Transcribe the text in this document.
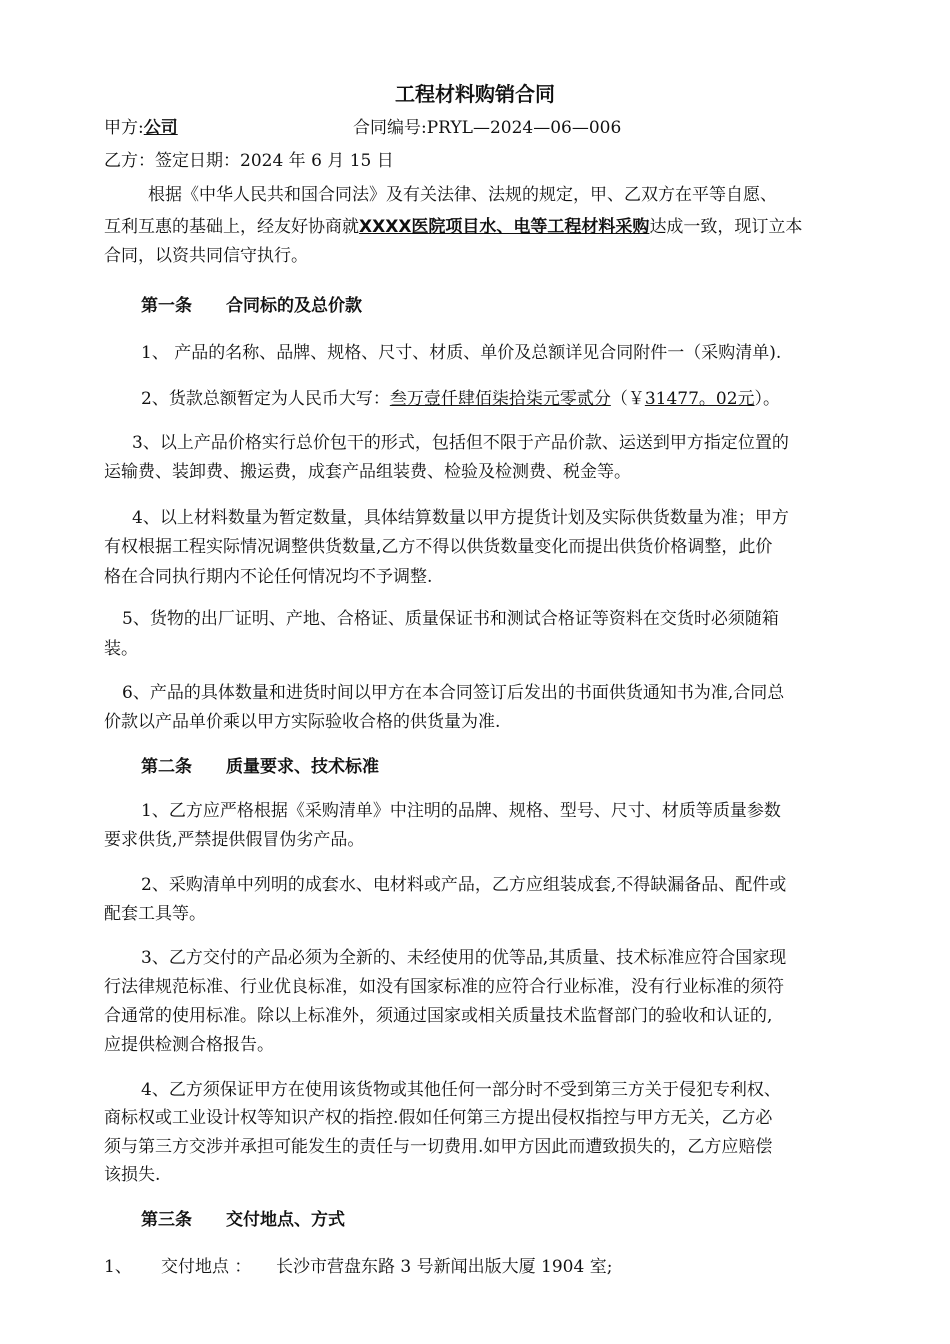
工程材料购销合同
甲方:公司	合同编号:PRYL—2024—06—006
乙方：签定日期：2024 年 6 月 15 日
根据《中华人民共和国合同法》及有关法律、法规的规定，甲、乙双方在平等自愿、
互利互惠的基础上，经友好协商就XXXX医院项目水、电等工程材料采购达成一致，现订立本
合同，以资共同信守执行。
第一条　　合同标的及总价款
1、 产品的名称、品牌、规格、尺寸、材质、单价及总额详见合同附件一（采购清单).
2、货款总额暂定为人民币大写：叁万壹仟肆佰柒拾柒元零贰分（￥31477。02元）。
3、以上产品价格实行总价包干的形式，包括但不限于产品价款、运送到甲方指定位置的
运输费、装卸费、搬运费，成套产品组装费、检验及检测费、税金等。
4、以上材料数量为暂定数量，具体结算数量以甲方提货计划及实际供货数量为准；甲方
有权根据工程实际情况调整供货数量,乙方不得以供货数量变化而提出供货价格调整，此价
格在合同执行期内不论任何情况均不予调整.
5、货物的出厂证明、产地、合格证、质量保证书和测试合格证等资料在交货时必须随箱
装。
6、产品的具体数量和进货时间以甲方在本合同签订后发出的书面供货通知书为准,合同总
价款以产品单价乘以甲方实际验收合格的供货量为准.
第二条　　质量要求、技术标准
1、乙方应严格根据《采购清单》中注明的品牌、规格、型号、尺寸、材质等质量参数
要求供货,严禁提供假冒伪劣产品。
2、采购清单中列明的成套水、电材料或产品，乙方应组装成套,不得缺漏备品、配件或
配套工具等。
3、乙方交付的产品必须为全新的、未经使用的优等品,其质量、技术标准应符合国家现
行法律规范标准、行业优良标准，如没有国家标准的应符合行业标准，没有行业标准的须符
合通常的使用标准。除以上标准外，须通过国家或相关质量技术监督部门的验收和认证的,
应提供检测合格报告。
4、乙方须保证甲方在使用该货物或其他任何一部分时不受到第三方关于侵犯专利权、
商标权或工业设计权等知识产权的指控.假如任何第三方提出侵权指控与甲方无关，乙方必
须与第三方交涉并承担可能发生的责任与一切费用.如甲方因此而遭致损失的，乙方应赔偿
该损失.
第三条　　交付地点、方式
1、 交付地点 ： 长沙市营盘东路 3 号新闻出版大厦 1904 室;
